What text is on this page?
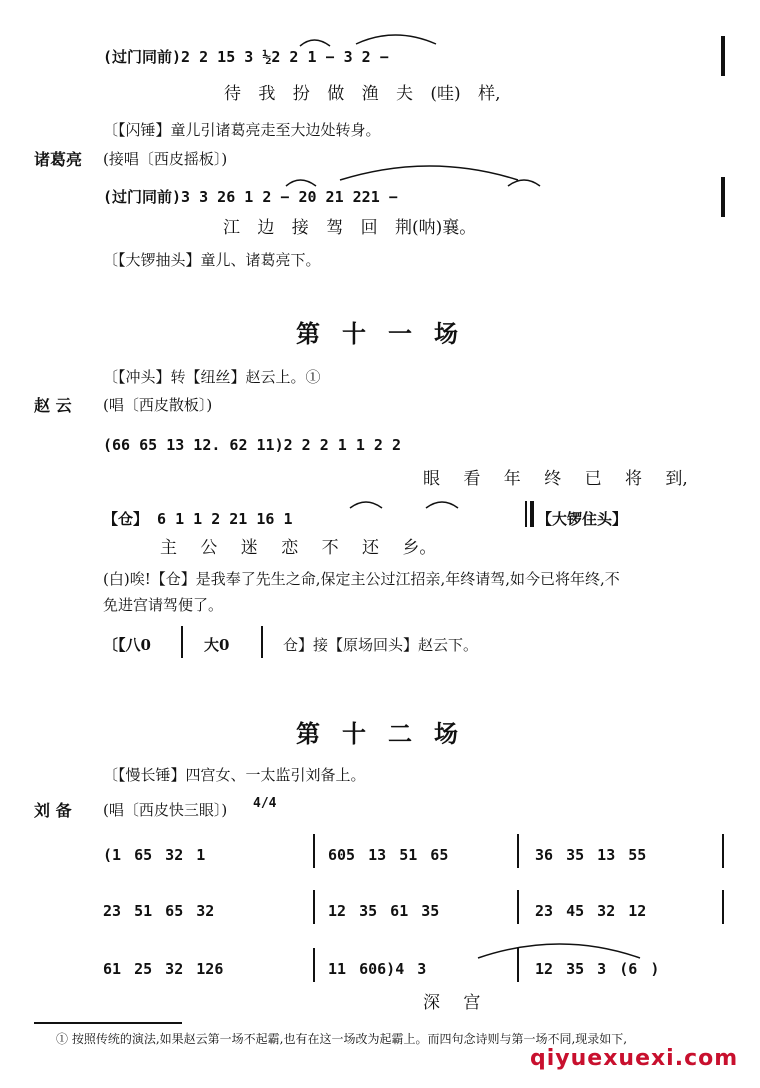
(过门同前)2 2 15 3 ½2 2 1 − 3 2 −
待 我 扮 做 渔 夫 (哇) 样,
〔【闪锤】童儿引诸葛亮走至大边处转身。
诸葛亮 (接唱〔西皮摇板〕)
(过门同前)3 3 26 1 2 − 20 21 221 −
江 边 接 驾 回 荆(呐)襄。
〔【大锣抽头】童儿、诸葛亮下。
第十一场
〔【冲头】转【纽丝】赵云上。①
赵 云 (唱〔西皮散板〕)
(66 65 13 12. 62 11)2 2 2 1 1 2 2
眼 看 年 终 已 将 到,
【仓】 6 1 1 2 21 16 1
主 公 迷 恋 不 还 乡。
【大锣住头】
(白)唉!【仓】是我奉了先生之命,保定主公过江招亲,年终请驾,如今已将年终,不
免进宫请驾便了。
〔【八0	大0	仓】接【原场回头】赵云下。
第十二场
〔【慢长锤】四宫女、一太监引刘备上。
刘 备 (唱〔西皮快三眼〕) 4/4
(1 65 32 1	605 13 51 65	36 35 13 55
23 51 65 32	12 35 61 35	23 45 32 12
61 25 32 126	11 606)4 3	12 35 3 (6 )
深 宫
① 按照传统的演法,如果赵云第一场不起霸,也有在这一场改为起霸上。而四句念诗则与第一场不同,现录如下,
qiyuexuexi.com
